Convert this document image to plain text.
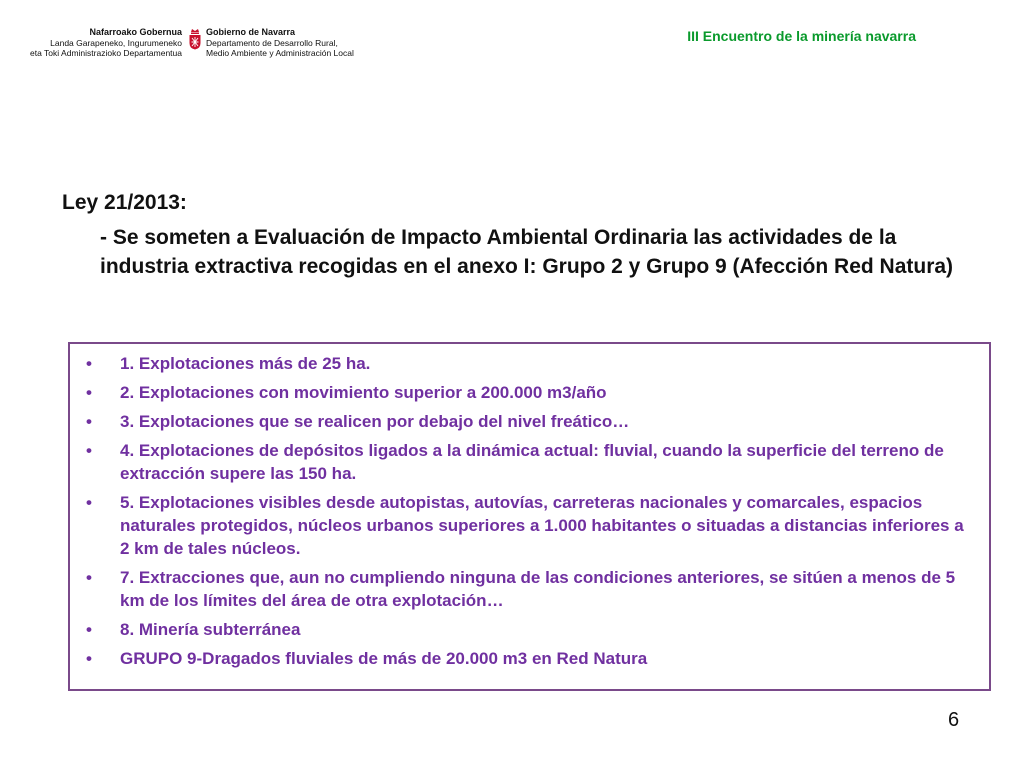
Nafarroako Gobernua
Landa Garapeneko, Ingurumeneko
eta Toki Administrazioko Departamentua
Gobierno de Navarra
Departamento de Desarrollo Rural,
Medio Ambiente y Administración Local
III Encuentro de la minería navarra

Ley 21/2013:

- Se someten a Evaluación de Impacto Ambiental Ordinaria las actividades de la industria extractiva recogidas en el anexo I: Grupo 2 y Grupo 9 (Afección Red Natura)

• 1. Explotaciones más de 25 ha.
• 2. Explotaciones con movimiento superior a 200.000 m3/año
• 3. Explotaciones que se realicen por debajo del nivel freático…
• 4. Explotaciones de depósitos ligados a la dinámica actual: fluvial, cuando la superficie del terreno de extracción supere las 150 ha.
• 5. Explotaciones visibles desde autopistas, autovías, carreteras nacionales y comarcales, espacios naturales protegidos, núcleos urbanos superiores a 1.000 habitantes o situadas a distancias inferiores a 2 km de tales núcleos.
• 7. Extracciones que, aun no cumpliendo ninguna de las condiciones anteriores, se sitúen a menos de 5 km de los límites del área de otra explotación…
• 8. Minería subterránea
• GRUPO 9-Dragados fluviales de más de 20.000 m3 en Red Natura
6
